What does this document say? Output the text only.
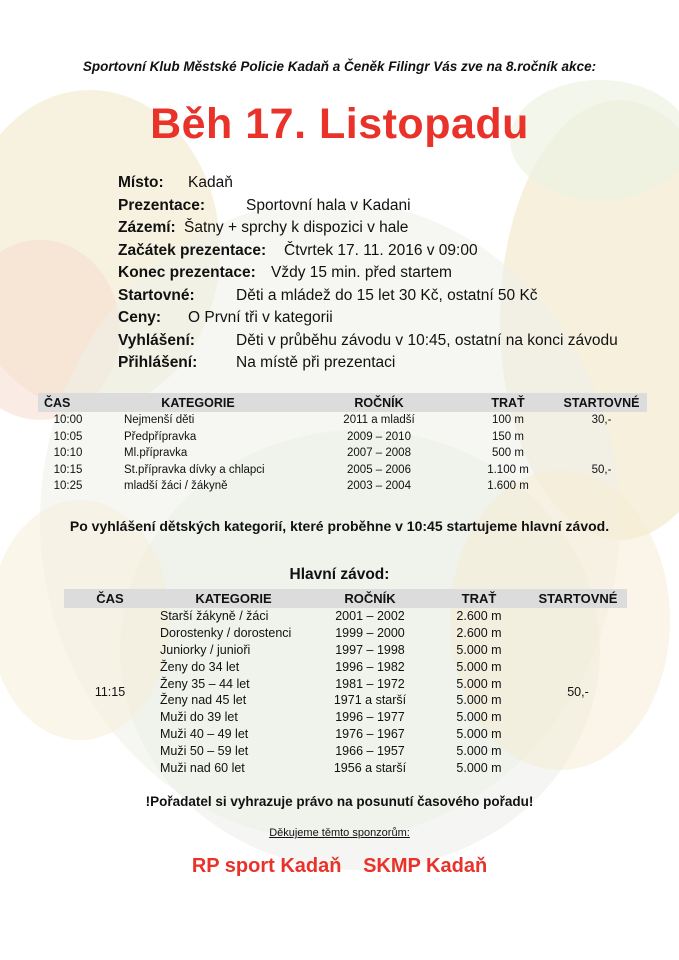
Sportovní Klub Městské Policie Kadaň a Čeněk Filingr Vás zve na 8.ročník akce:
Běh 17. Listopadu
Místo: Kadaň
Prezentace:	Sportovní hala v Kadani
Zázemí: Šatny + sprchy k dispozici v hale
Začátek prezentace: Čtvrtek 17. 11. 2016 v 09:00
Konec prezentace: Vždy 15 min. před startem
Startovné:	Děti a mládež do 15 let 30 Kč, ostatní 50 Kč
Ceny: O První tři v kategorii
Vyhlášení:	Děti v průběhu závodu v 10:45, ostatní na konci závodu
Přihlášení:	Na místě při prezentaci
ČAS	KATEGORIE	ROČNÍK	TRAŤ	STARTOVNÉ
10:00	Nejmenší děti	2011 a mladší	100 m	30,-
10:05	Předpřípravka	2009 – 2010	150 m	
10:10	Ml.přípravka	2007 – 2008	500 m	
10:15	St.přípravka dívky a chlapci	2005 – 2006	1.100 m	50,-
10:25	mladší žáci / žákyně	2003 – 2004	1.600 m	
Po vyhlášení dětských kategorií, které proběhne v 10:45 startujeme hlavní závod.
Hlavní závod:
ČAS	KATEGORIE	ROČNÍK	TRAŤ	STARTOVNÉ
11:15	Starší žákyně / žáci	2001 – 2002	2.600 m	50,-
	Dorostenky / dorostenci	1999 – 2000	2.600 m	
	Juniorky / junioři	1997 – 1998	5.000 m	
	Ženy do 34 let	1996 – 1982	5.000 m	
	Ženy 35 – 44 let	1981 – 1972	5.000 m	
	Ženy nad 45 let	1971 a starší	5.000 m	
	Muži do 39 let	1996 – 1977	5.000 m	
	Muži 40 – 49 let	1976 – 1967	5.000 m	
	Muži 50 – 59 let	1966 – 1957	5.000 m	
	Muži nad 60 let	1956 a starší	5.000 m	
!Pořadatel si vyhrazuje právo na posunutí časového pořadu!
Děkujeme těmto sponzorům:
RP sport Kadaň SKMP Kadaň
